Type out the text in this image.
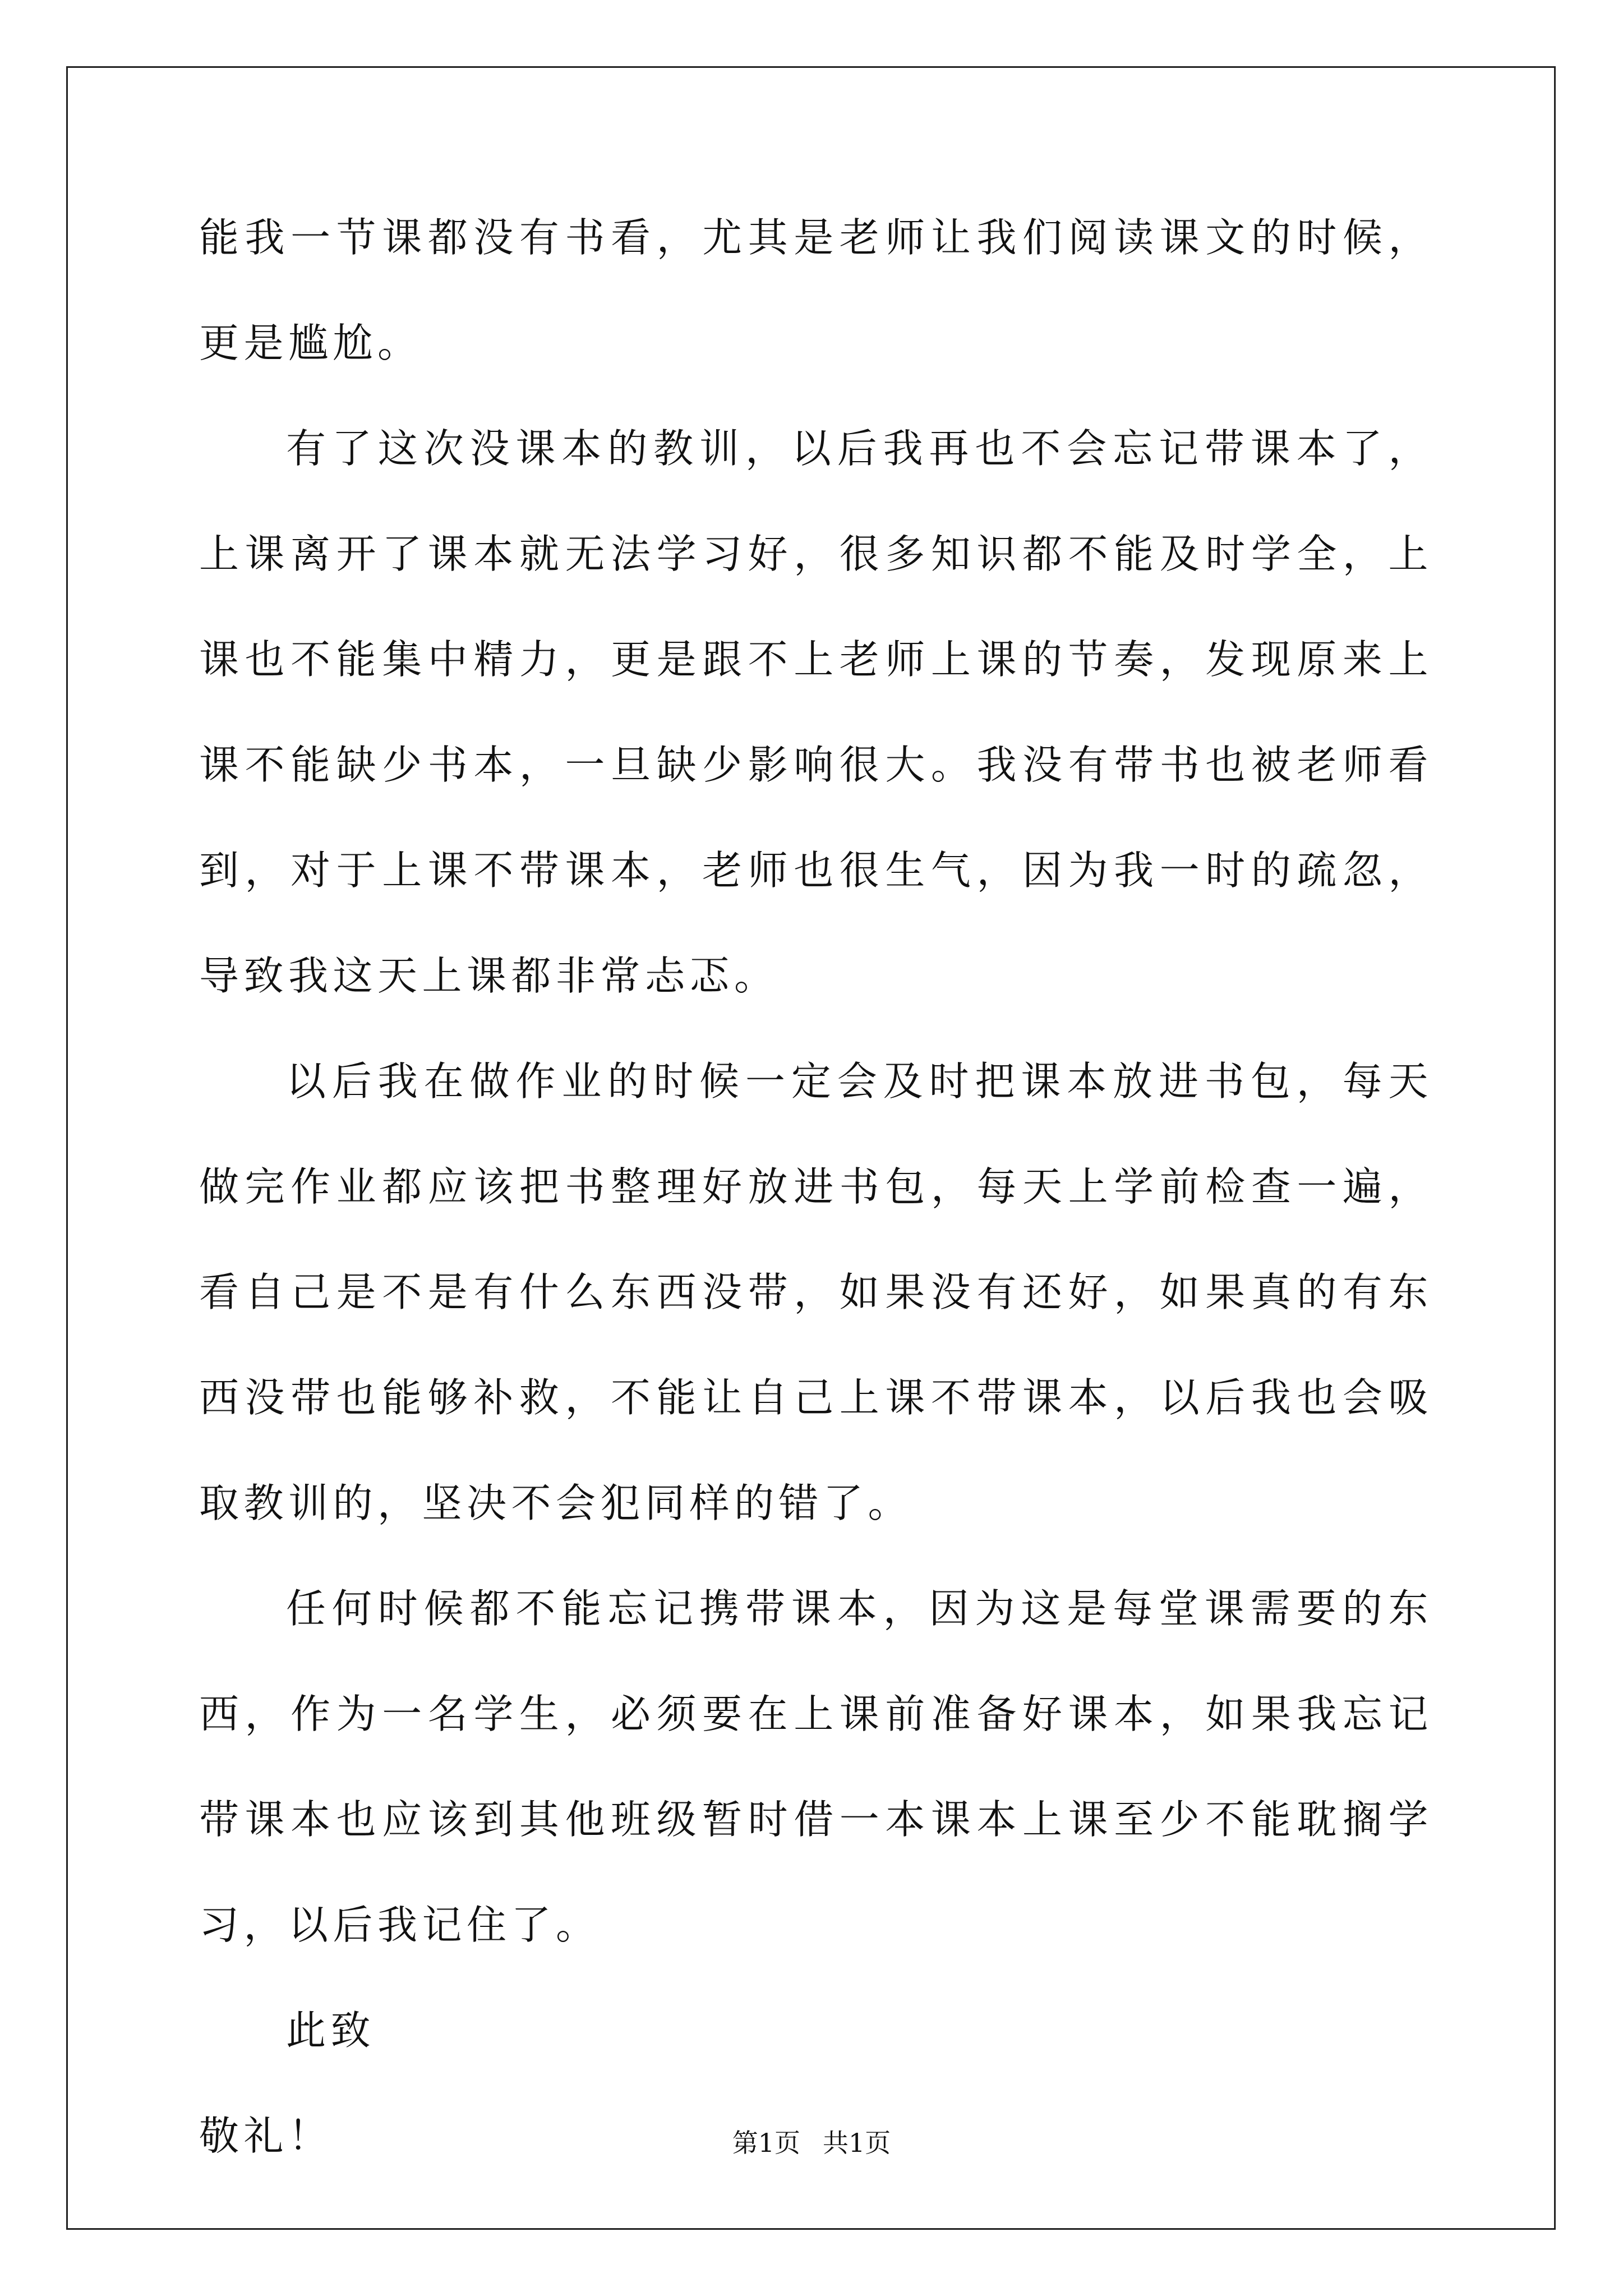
能我一节课都没有书看，尤其是老师让我们阅读课文的时候，更是尴尬。

有了这次没课本的教训，以后我再也不会忘记带课本了，上课离开了课本就无法学习好，很多知识都不能及时学全，上课也不能集中精力，更是跟不上老师上课的节奏，发现原来上课不能缺少书本，一旦缺少影响很大。我没有带书也被老师看到，对于上课不带课本，老师也很生气，因为我一时的疏忽，导致我这天上课都非常忐忑。

以后我在做作业的时候一定会及时把课本放进书包，每天做完作业都应该把书整理好放进书包，每天上学前检查一遍，看自己是不是有什么东西没带，如果没有还好，如果真的有东西没带也能够补救，不能让自己上课不带课本，以后我也会吸取教训的，坚决不会犯同样的错了。

任何时候都不能忘记携带课本，因为这是每堂课需要的东西，作为一名学生，必须要在上课前准备好课本，如果我忘记带课本也应该到其他班级暂时借一本课本上课至少不能耽搁学习，以后我记住了。

此致

敬礼！	第1页 共1页
